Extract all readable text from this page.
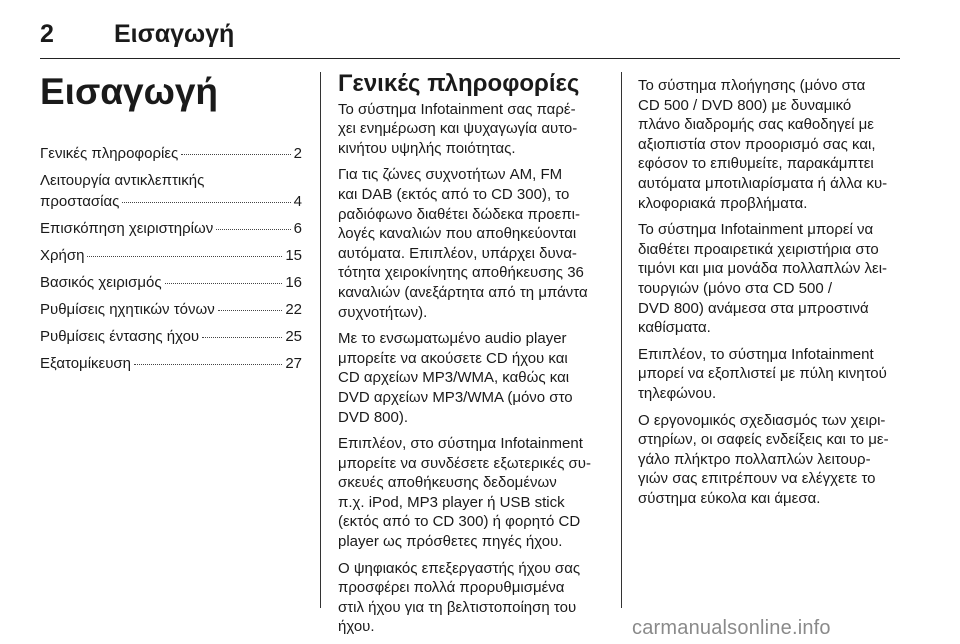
2 Εισαγωγή
Εισαγωγή
Γενικές πληροφορίες	2
Λειτουργία αντικλεπτικής
προστασίας	4
Επισκόπηση χειριστηρίων	6
Χρήση	15
Βασικός χειρισμός	16
Ρυθμίσεις ηχητικών τόνων	22
Ρυθμίσεις έντασης ήχου	25
Εξατομίκευση	27
Γενικές πληροφορίες

Το σύστημα Infotainment σας παρέ-
χει ενημέρωση και ψυχαγωγία αυτο-
κινήτου υψηλής ποιότητας.

Για τις ζώνες συχνοτήτων AM, FM
και DAB (εκτός από το CD 300), το
ραδιόφωνο διαθέτει δώδεκα προεπι-
λογές καναλιών που αποθηκεύονται
αυτόματα. Επιπλέον, υπάρχει δυνα-
τότητα χειροκίνητης αποθήκευσης 36
καναλιών (ανεξάρτητα από τη μπάντα
συχνοτήτων).

Με το ενσωματωμένο audio player
μπορείτε να ακούσετε CD ήχου και
CD αρχείων MP3/WMA, καθώς και
DVD αρχείων MP3/WMA (μόνο στο
DVD 800).

Επιπλέον, στο σύστημα Infotainment
μπορείτε να συνδέσετε εξωτερικές συ-
σκευές αποθήκευσης δεδομένων
π.χ. iPod, MP3 player ή USB stick
(εκτός από το CD 300) ή φορητό CD
player ως πρόσθετες πηγές ήχου.

Ο ψηφιακός επεξεργαστής ήχου σας
προσφέρει πολλά προρυθμισμένα
στιλ ήχου για τη βελτιστοποίηση του
ήχου.

Το σύστημα πλοήγησης (μόνο στα
CD 500 / DVD 800) με δυναμικό
πλάνο διαδρομής σας καθοδηγεί με
αξιοπιστία στον προορισμό σας και,
εφόσον το επιθυμείτε, παρακάμπτει
αυτόματα μποτιλιαρίσματα ή άλλα κυ-
κλοφοριακά προβλήματα.

Το σύστημα Infotainment μπορεί να
διαθέτει προαιρετικά χειριστήρια στο
τιμόνι και μια μονάδα πολλαπλών λει-
τουργιών (μόνο στα CD 500 /
DVD 800) ανάμεσα στα μπροστινά
καθίσματα.

Επιπλέον, το σύστημα Infotainment
μπορεί να εξοπλιστεί με πύλη κινητού
τηλεφώνου.

Ο εργονομικός σχεδιασμός των χειρι-
στηρίων, οι σαφείς ενδείξεις και το με-
γάλο πλήκτρο πολλαπλών λειτουρ-
γιών σας επιτρέπουν να ελέγχετε το
σύστημα εύκολα και άμεσα.

carmanualsonline.info
